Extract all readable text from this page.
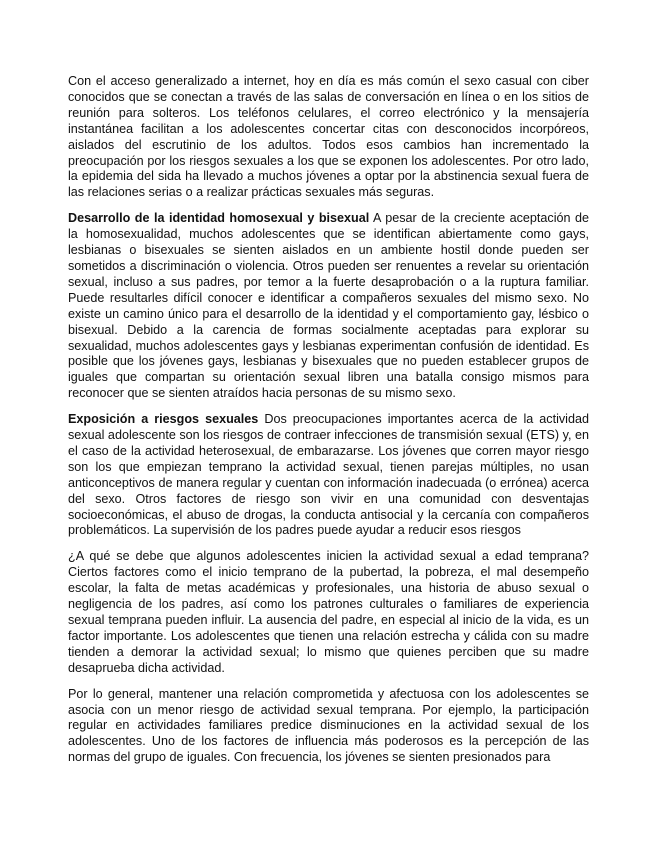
Con el acceso generalizado a internet, hoy en día es más común el sexo casual con ciber conocidos que se conectan a través de las salas de conversación en línea o en los sitios de reunión para solteros. Los teléfonos celulares, el correo electrónico y la mensajería instantánea facilitan a los adolescentes concertar citas con desconocidos incorpóreos, aislados del escrutinio de los adultos. Todos esos cambios han incrementado la preocupación por los riesgos sexuales a los que se exponen los adolescentes. Por otro lado, la epidemia del sida ha llevado a muchos jóvenes a optar por la abstinencia sexual fuera de las relaciones serias o a realizar prácticas sexuales más seguras.

Desarrollo de la identidad homosexual y bisexual A pesar de la creciente aceptación de la homosexualidad, muchos adolescentes que se identifican abiertamente como gays, lesbianas o bisexuales se sienten aislados en un ambiente hostil donde pueden ser sometidos a discriminación o violencia. Otros pueden ser renuentes a revelar su orientación sexual, incluso a sus padres, por temor a la fuerte desaprobación o a la ruptura familiar. Puede resultarles difícil conocer e identificar a compañeros sexuales del mismo sexo. No existe un camino único para el desarrollo de la identidad y el comportamiento gay, lésbico o bisexual. Debido a la carencia de formas socialmente aceptadas para explorar su sexualidad, muchos adolescentes gays y lesbianas experimentan confusión de identidad. Es posible que los jóvenes gays, lesbianas y bisexuales que no pueden establecer grupos de iguales que compartan su orientación sexual libren una batalla consigo mismos para reconocer que se sienten atraídos hacia personas de su mismo sexo.

Exposición a riesgos sexuales Dos preocupaciones importantes acerca de la actividad sexual adolescente son los riesgos de contraer infecciones de transmisión sexual (ETS) y, en el caso de la actividad heterosexual, de embarazarse. Los jóvenes que corren mayor riesgo son los que empiezan temprano la actividad sexual, tienen parejas múltiples, no usan anticonceptivos de manera regular y cuentan con información inadecuada (o errónea) acerca del sexo. Otros factores de riesgo son vivir en una comunidad con desventajas socioeconómicas, el abuso de drogas, la conducta antisocial y la cercanía con compañeros problemáticos. La supervisión de los padres puede ayudar a reducir esos riesgos

¿A qué se debe que algunos adolescentes inicien la actividad sexual a edad temprana? Ciertos factores como el inicio temprano de la pubertad, la pobreza, el mal desempeño escolar, la falta de metas académicas y profesionales, una historia de abuso sexual o negligencia de los padres, así como los patrones culturales o familiares de experiencia sexual temprana pueden influir. La ausencia del padre, en especial al inicio de la vida, es un factor importante. Los adolescentes que tienen una relación estrecha y cálida con su madre tienden a demorar la actividad sexual; lo mismo que quienes perciben que su madre desaprueba dicha actividad.

Por lo general, mantener una relación comprometida y afectuosa con los adolescentes se asocia con un menor riesgo de actividad sexual temprana. Por ejemplo, la participación regular en actividades familiares predice disminuciones en la actividad sexual de los adolescentes. Uno de los factores de influencia más poderosos es la percepción de las normas del grupo de iguales. Con frecuencia, los jóvenes se sienten presionados para
